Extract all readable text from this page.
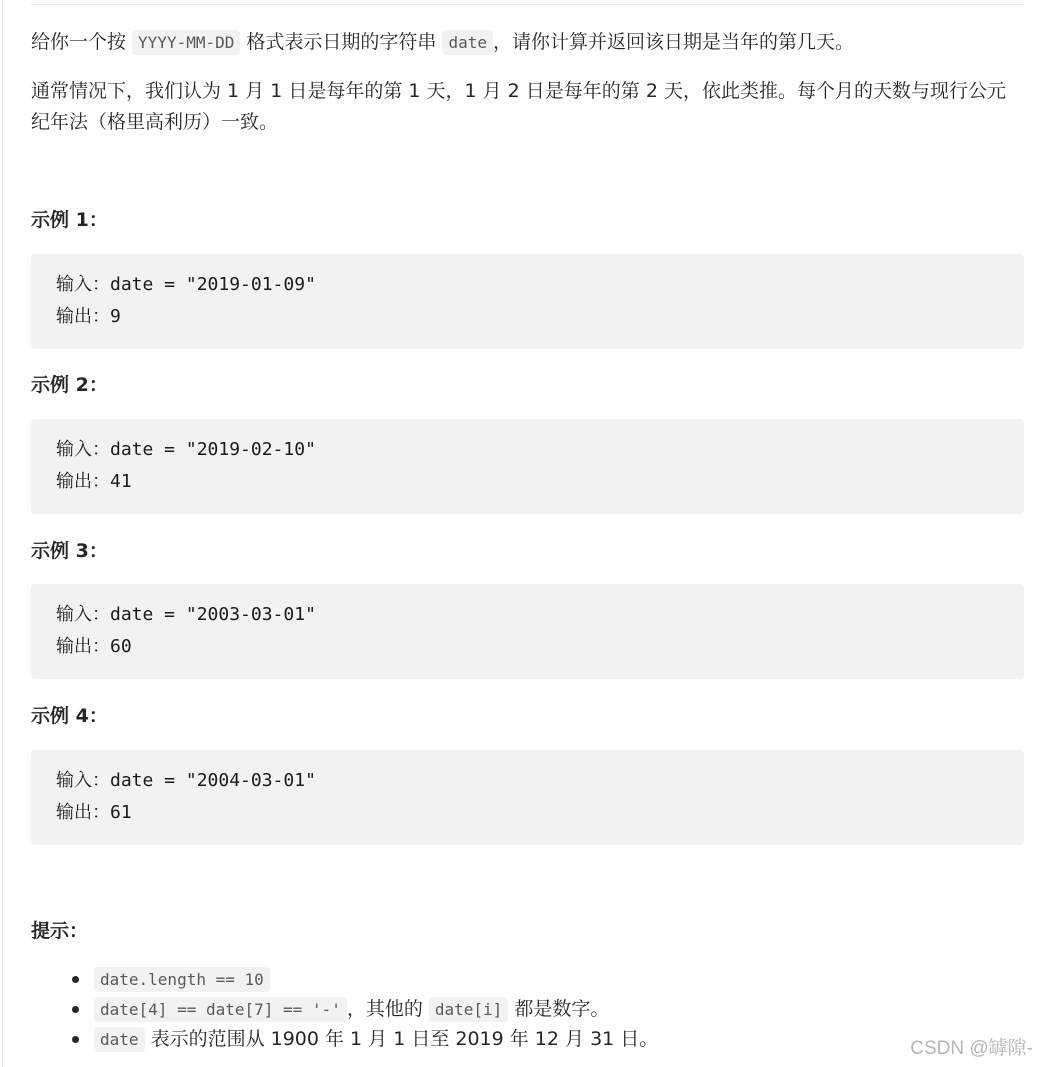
给你一个按 YYYY-MM-DD 格式表示日期的字符串 date ，请你计算并返回该日期是当年的第几天。

通常情况下，我们认为 1 月 1 日是每年的第 1 天，1 月 2 日是每年的第 2 天，依此类推。每个月的天数与现行公元纪年法（格里高利历）一致。

示例 1：
输入：date = "2019-01-09"
输出：9
示例 2：
输入：date = "2019-02-10"
输出：41
示例 3：
输入：date = "2003-03-01"
输出：60
示例 4：
输入：date = "2004-03-01"
输出：61
提示：
date.length == 10
date[4] == date[7] == '-' ，其他的 date[i] 都是数字。
date 表示的范围从 1900 年 1 月 1 日至 2019 年 12 月 31 日。	CSDN @罅隙-
